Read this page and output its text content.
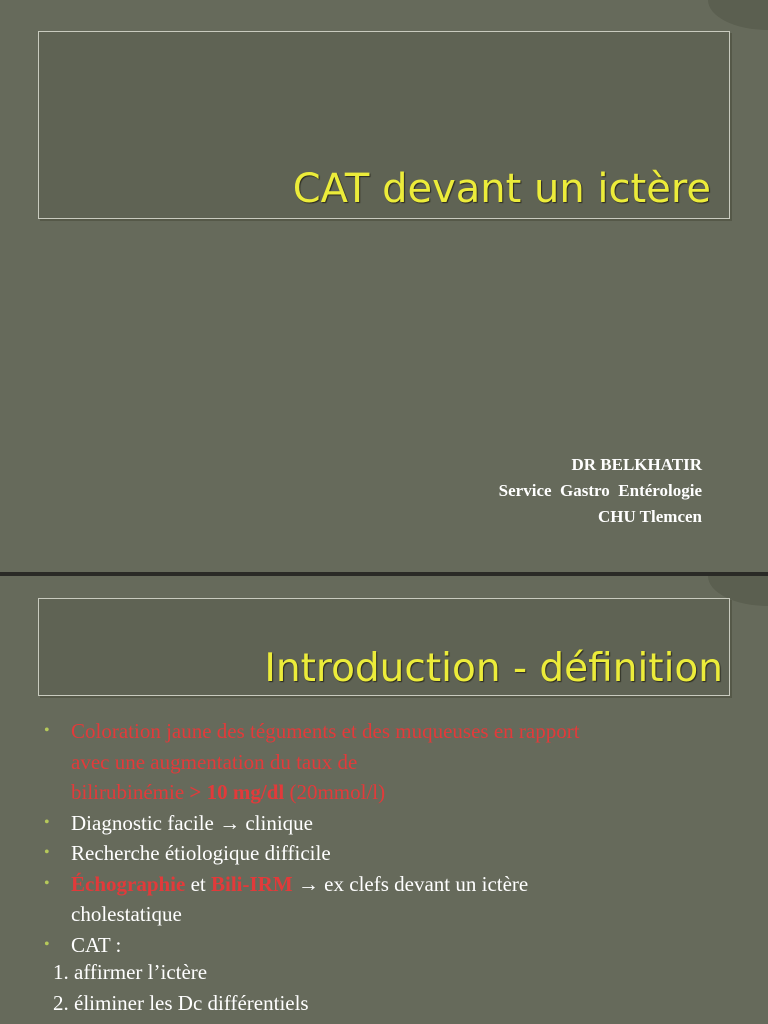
CAT devant un ictère
DR BELKHATIR
Service  Gastro  Entérologie
CHU Tlemcen
Introduction - définition
• Coloration jaune des téguments et des muqueuses en rapport
avec une augmentation du taux de
bilirubinémie > 10 mg/dl (20mmol/l)
• Diagnostic facile → clinique
• Recherche étiologique difficile
• Échographie et Bili-IRM → ex clefs devant un ictère
cholestatique
• CAT :
1. affirmer l’ictère
2. éliminer les Dc différentiels
